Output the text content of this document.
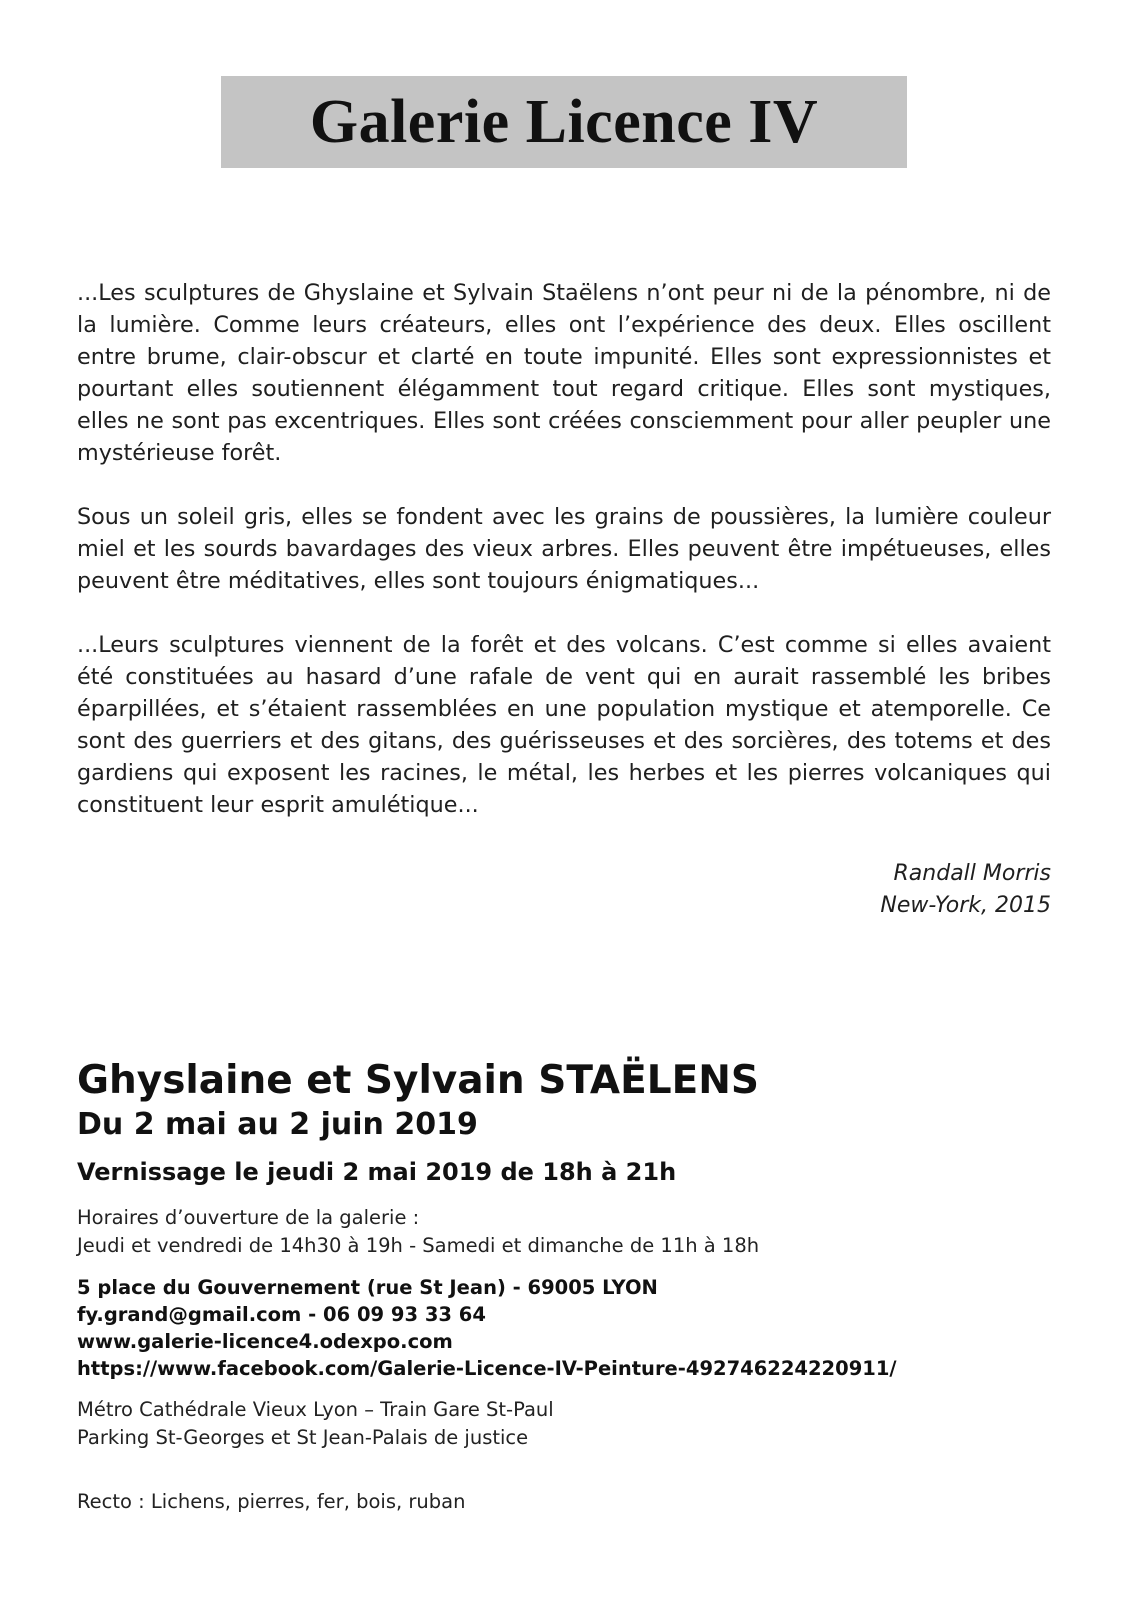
Galerie Licence IV

...Les sculptures de Ghyslaine et Sylvain Staëlens n’ont peur ni de la pénombre, ni de la lumière. Comme leurs créateurs, elles ont l’expérience des deux. Elles oscillent entre brume, clair-obscur et clarté en toute impunité. Elles sont expressionnistes et pourtant elles soutiennent élégamment tout regard critique. Elles sont mystiques, elles ne sont pas excentriques. Elles sont créées consciemment pour aller peupler une mystérieuse forêt.

Sous un soleil gris, elles se fondent avec les grains de poussières, la lumière couleur miel et les sourds bavardages des vieux arbres. Elles peuvent être impétueuses, elles peuvent être méditatives, elles sont toujours énigmatiques...

...Leurs sculptures viennent de la forêt et des volcans. C’est comme si elles avaient été constituées au hasard d’une rafale de vent qui en aurait rassemblé les bribes éparpillées, et s’étaient rassemblées en une population mystique et atemporelle. Ce sont des guerriers et des gitans, des guérisseuses et des sorcières, des totems et des gardiens qui exposent les racines, le métal, les herbes et les pierres volcaniques qui constituent leur esprit amulétique...

Randall Morris
New-York, 2015
Ghyslaine et Sylvain STAËLENS
Du 2 mai au 2 juin 2019
Vernissage le jeudi 2 mai 2019 de 18h à 21h
Horaires d’ouverture de la galerie :
Jeudi et vendredi de 14h30 à 19h - Samedi et dimanche de 11h à 18h
5 place du Gouvernement (rue St Jean) - 69005 LYON
fy.grand@gmail.com - 06 09 93 33 64
www.galerie-licence4.odexpo.com
https://www.facebook.com/Galerie-Licence-IV-Peinture-492746224220911/
Métro Cathédrale Vieux Lyon – Train Gare St-Paul
Parking St-Georges et St Jean-Palais de justice
Recto : Lichens, pierres, fer, bois, ruban
